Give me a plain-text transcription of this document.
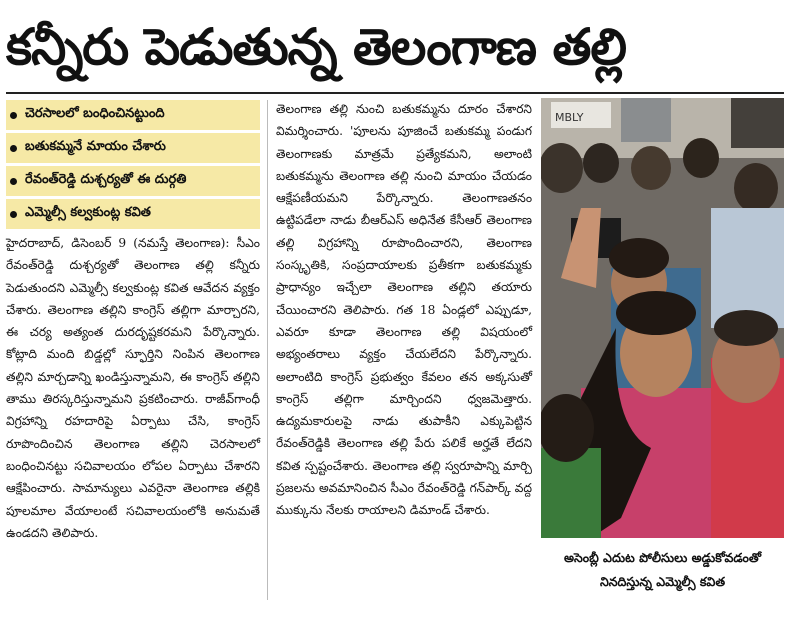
కన్నీరు పెడుతున్న తెలంగాణ తల్లి
చెరసాలలో బంధించినట్టుంది
బతుకమ్మనే మాయం చేశారు
రేవంత్‌రెడ్డి దుశ్చర్యతో ఈ దుర్గతి
ఎమ్మెల్సీ కల్వకుంట్ల కవిత
హైదరాబాద్, డిసెంబర్ 9 (నమస్తే తెలంగాణ): సీఎం రేవంత్‌రెడ్డి దుశ్చర్యతో తెలంగాణ తల్లి కన్నీరు పెడుతుందని ఎమ్మెల్సీ కల్వకుంట్ల కవిత ఆవేదన వ్యక్తం చేశారు. తెలంగాణ తల్లిని కాంగ్రెస్ తల్లిగా మార్చారని, ఈ చర్య అత్యంత దురదృష్టకరమని పేర్కొన్నారు. కోట్లాది మంది బిడ్డల్లో స్ఫూర్తిని నింపిన తెలంగాణ తల్లిని మార్చడాన్ని ఖండిస్తున్నామని, ఈ కాంగ్రెస్ తల్లిని తాము తిరస్కరిస్తున్నామని ప్రకటించారు. రాజీవ్‌గాంధీ విగ్రహాన్ని రహదారిపై ఏర్పాటు చేసి, కాంగ్రెస్ రూపొందించిన తెలంగాణ తల్లిని చెరసాలలో బంధించినట్టు సచివాలయం లోపల ఏర్పాటు చేశారని ఆక్షేపించారు. సామాన్యులు ఎవరైనా తెలంగాణ తల్లికి పూలమాల వేయాలంటే సచివాలయంలోకి అనుమతే ఉండదని తెలిపారు.
తెలంగాణ తల్లి నుంచి బతుకమ్మను దూరం చేశారని విమర్శించారు. 'పూలను పూజించే బతుకమ్మ పండుగ తెలంగాణకు మాత్రమే ప్రత్యేకమని, అలాంటి బతుకమ్మను తెలంగాణ తల్లి నుంచి మాయం చేయడం ఆక్షేపణీయమని పేర్కొన్నారు. తెలంగాణతనం ఉట్టిపడేలా నాడు బీఆర్‌ఎస్ అధినేత కేసీఆర్ తెలంగాణ తల్లి విగ్రహాన్ని రూపొందించారని, తెలంగాణ సంస్కృతికి, సంప్రదాయాలకు ప్రతీకగా బతుకమ్మకు ప్రాధాన్యం ఇచ్చేలా తెలంగాణ తల్లిని తయారు చేయించారని తెలిపారు. గత 18 ఏండ్లలో ఎప్పుడూ, ఎవరూ కూడా తెలంగాణ తల్లి విషయంలో అభ్యంతరాలు వ్యక్తం చేయలేదని పేర్కొన్నారు. అలాంటిది కాంగ్రెస్ ప్రభుత్వం కేవలం తన అక్కసుతో కాంగ్రెస్ తల్లిగా మార్చిందని ధ్వజమెత్తారు. ఉద్యమకారులపై నాడు తుపాకీని ఎక్కుపెట్టిన రేవంత్‌రెడ్డికి తెలంగాణ తల్లి పేరు పలికే అర్హతే లేదని కవిత స్పష్టంచేశారు. తెలంగాణ తల్లి స్వరూపాన్ని మార్చి ప్రజలను అవమానించిన సీఎం రేవంత్‌రెడ్డి గన్‌పార్క్ వద్ద ముక్కును నేలకు రాయాలని డిమాండ్ చేశారు.
MBLY
అసెంబ్లీ ఎదుట పోలీసులు అడ్డుకోవడంతో
నినదిస్తున్న ఎమ్మెల్సీ కవిత
